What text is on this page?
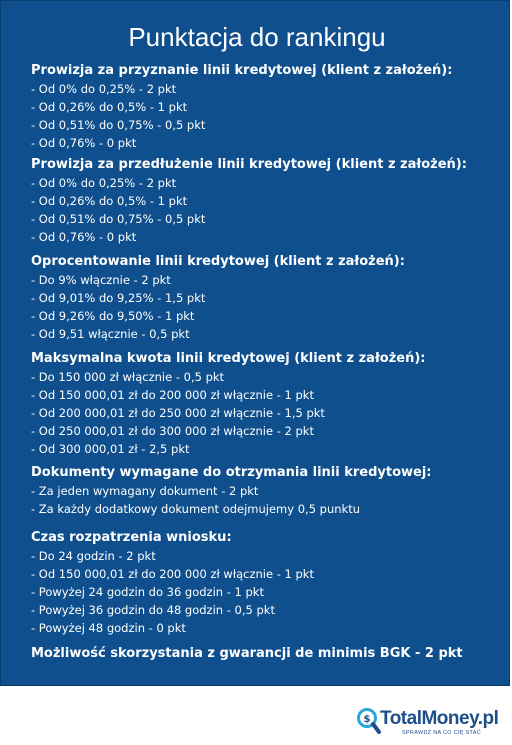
Punktacja do rankingu
Prowizja za przyznanie linii kredytowej (klient z założeń):
- Od 0% do 0,25% - 2 pkt
- Od 0,26% do 0,5% - 1 pkt
- Od 0,51% do 0,75% - 0,5 pkt
- Od 0,76% - 0 pkt
Prowizja za przedłużenie linii kredytowej (klient z założeń):
- Od 0% do 0,25% - 2 pkt
- Od 0,26% do 0,5% - 1 pkt
- Od 0,51% do 0,75% - 0,5 pkt
- Od 0,76% - 0 pkt
Oprocentowanie linii kredytowej (klient z założeń):
- Do 9% włącznie - 2 pkt
- Od 9,01% do 9,25% - 1,5 pkt
- Od 9,26% do 9,50% - 1 pkt
- Od 9,51 włącznie - 0,5 pkt
Maksymalna kwota linii kredytowej (klient z założeń):
- Do 150 000 zł włącznie - 0,5 pkt
- Od 150 000,01 zł do 200 000 zł włącznie - 1 pkt
- Od 200 000,01 zł do 250 000 zł włącznie - 1,5 pkt
- Od 250 000,01 zł do 300 000 zł włącznie - 2 pkt
- Od 300 000,01 zł - 2,5 pkt
Dokumenty wymagane do otrzymania linii kredytowej:
- Za jeden wymagany dokument - 2 pkt
- Za każdy dodatkowy dokument odejmujemy 0,5 punktu
Czas rozpatrzenia wniosku:
- Do 24 godzin - 2 pkt
- Od 150 000,01 zł do 200 000 zł włącznie - 1 pkt
- Powyżej 24 godzin do 36 godzin - 1 pkt
- Powyżej 36 godzin do 48 godzin - 0,5 pkt
- Powyżej 48 godzin - 0 pkt
Możliwość skorzystania z gwarancji de minimis BGK - 2 pkt
$ TotalMoney.pl
SPRAWDŹ NA CO CIĘ STAĆ
